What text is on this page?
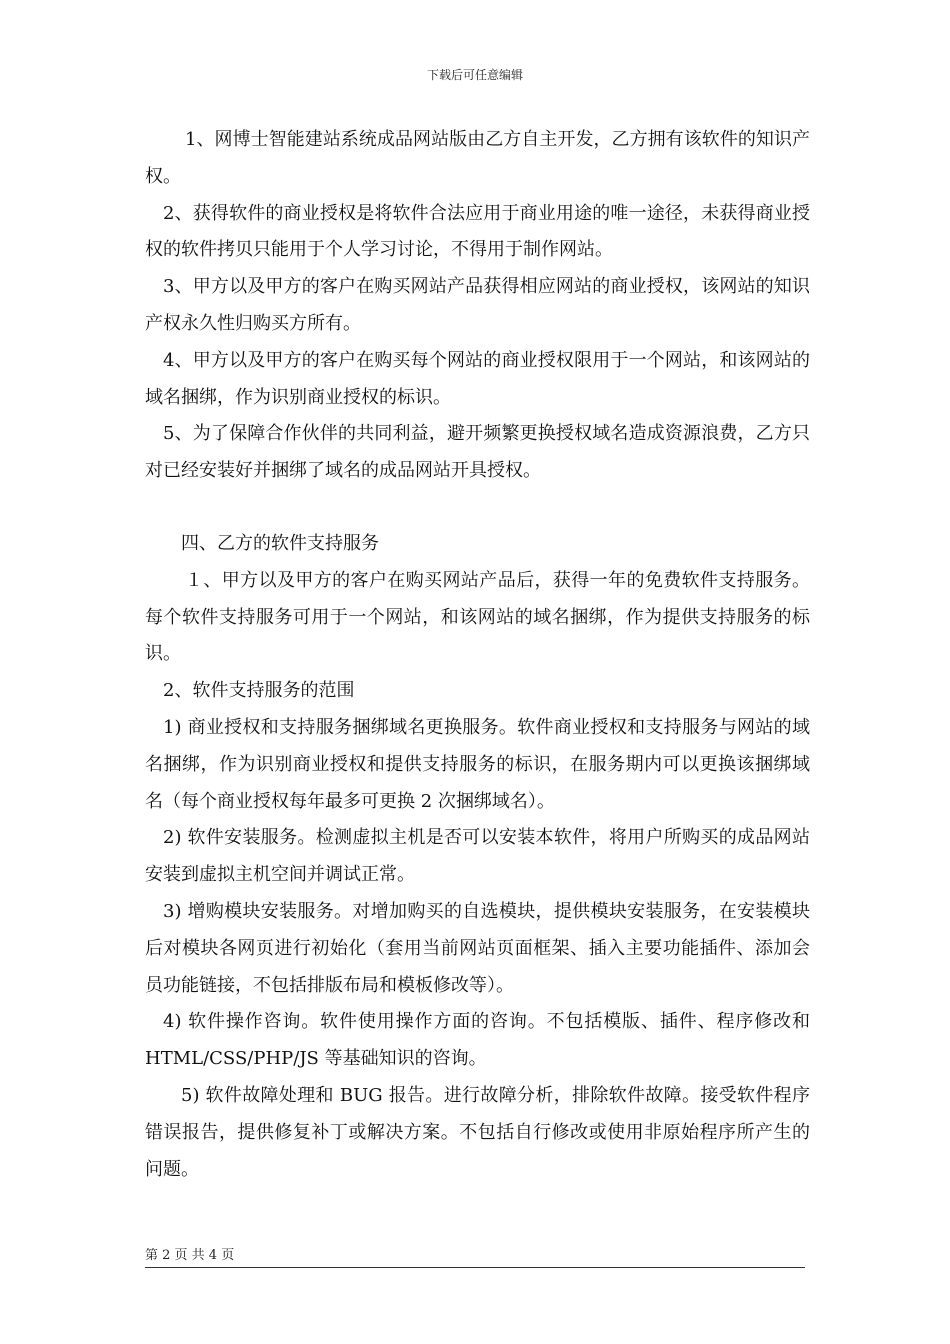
下载后可任意编辑

1、网博士智能建站系统成品网站版由乙方自主开发，乙方拥有该软件的知识产权。

2、获得软件的商业授权是将软件合法应用于商业用途的唯一途径，未获得商业授权的软件拷贝只能用于个人学习讨论，不得用于制作网站。

3、甲方以及甲方的客户在购买网站产品获得相应网站的商业授权，该网站的知识产权永久性归购买方所有。

4、甲方以及甲方的客户在购买每个网站的商业授权限用于一个网站，和该网站的域名捆绑，作为识别商业授权的标识。

5、为了保障合作伙伴的共同利益，避开频繁更换授权域名造成资源浪费，乙方只对已经安装好并捆绑了域名的成品网站开具授权。

四、乙方的软件支持服务

１、甲方以及甲方的客户在购买网站产品后，获得一年的免费软件支持服务。每个软件支持服务可用于一个网站，和该网站的域名捆绑，作为提供支持服务的标识。

2、软件支持服务的范围

1) 商业授权和支持服务捆绑域名更换服务。软件商业授权和支持服务与网站的域名捆绑，作为识别商业授权和提供支持服务的标识，在服务期内可以更换该捆绑域名（每个商业授权每年最多可更换 2 次捆绑域名）。

2) 软件安装服务。检测虚拟主机是否可以安装本软件，将用户所购买的成品网站安装到虚拟主机空间并调试正常。

3) 增购模块安装服务。对增加购买的自选模块，提供模块安装服务，在安装模块后对模块各网页进行初始化（套用当前网站页面框架、插入主要功能插件、添加会员功能链接，不包括排版布局和模板修改等）。

4) 软件操作咨询。软件使用操作方面的咨询。不包括模版、插件、程序修改和 HTML/CSS/PHP/JS 等基础知识的咨询。

5) 软件故障处理和 BUG 报告。进行故障分析，排除软件故障。接受软件程序错误报告，提供修复补丁或解决方案。不包括自行修改或使用非原始程序所产生的问题。

第 2 页 共 4 页
